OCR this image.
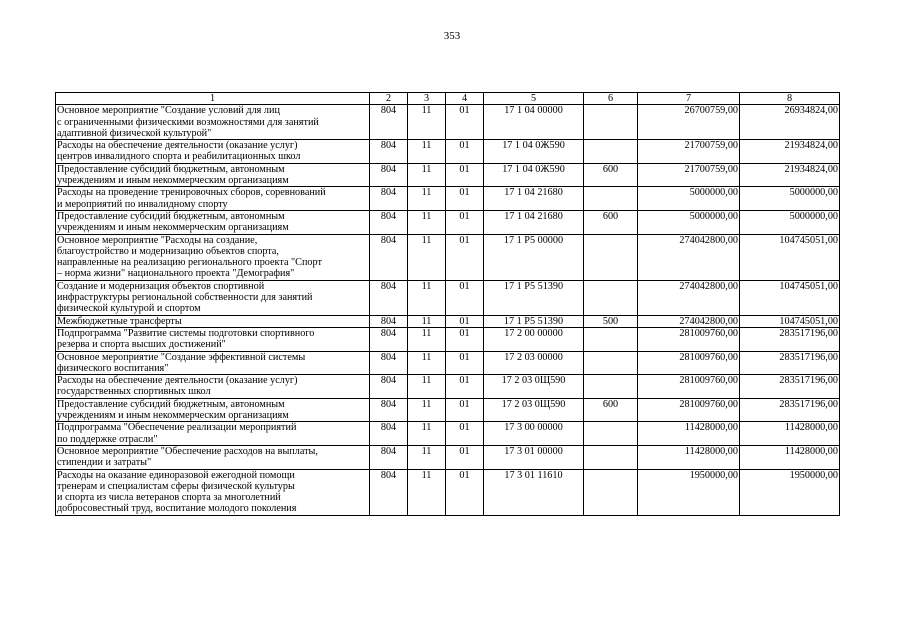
353
1	2	3	4	5	6	7	8

Основное мероприятие "Создание условий для лиц
с ограниченными физическими возможностями для занятий
адаптивной физической культурой"	804	11	01	17 1 04 00000		26700759,00	26934824,00

Расходы на обеспечение деятельности (оказание услуг)
центров инвалидного спорта и реабилитационных школ	804	11	01	17 1 04 0Ж590		21700759,00	21934824,00

Предоставление субсидий бюджетным, автономным
учреждениям и иным некоммерческим организациям	804	11	01	17 1 04 0Ж590	600	21700759,00	21934824,00

Расходы на проведение тренировочных сборов, соревнований
и мероприятий по инвалидному спорту	804	11	01	17 1 04 21680		5000000,00	5000000,00

Предоставление субсидий бюджетным, автономным
учреждениям и иным некоммерческим организациям	804	11	01	17 1 04 21680	600	5000000,00	5000000,00

Основное мероприятие "Расходы на создание,
благоустройство и модернизацию объектов спорта,
направленные на реализацию регионального проекта "Спорт
– норма жизни" национального проекта "Демография"	804	11	01	17 1 P5 00000		274042800,00	104745051,00

Создание и модернизация объектов спортивной
инфраструктуры региональной собственности для занятий
физической культурой и спортом	804	11	01	17 1 P5 51390		274042800,00	104745051,00

Межбюджетные трансферты	804	11	01	17 1 P5 51390	500	274042800,00	104745051,00

Подпрограмма "Развитие системы подготовки спортивного
резерва и спорта высших достижений"	804	11	01	17 2 00 00000		281009760,00	283517196,00

Основное мероприятие "Создание эффективной системы
физического воспитания"	804	11	01	17 2 03 00000		281009760,00	283517196,00

Расходы на обеспечение деятельности (оказание услуг)
государственных спортивных школ	804	11	01	17 2 03 0Щ590		281009760,00	283517196,00

Предоставление субсидий бюджетным, автономным
учреждениям и иным некоммерческим организациям	804	11	01	17 2 03 0Щ590	600	281009760,00	283517196,00

Подпрограмма "Обеспечение реализации мероприятий
по поддержке отрасли"	804	11	01	17 3 00 00000		11428000,00	11428000,00

Основное мероприятие "Обеспечение расходов на выплаты,
стипендии и затраты"	804	11	01	17 3 01 00000		11428000,00	11428000,00

Расходы на оказание единоразовой ежегодной помощи
тренерам и специалистам сферы физической культуры
и спорта из числа ветеранов спорта за многолетний
добросовестный труд, воспитание молодого поколения	804	11	01	17 3 01 11610		1950000,00	1950000,00
